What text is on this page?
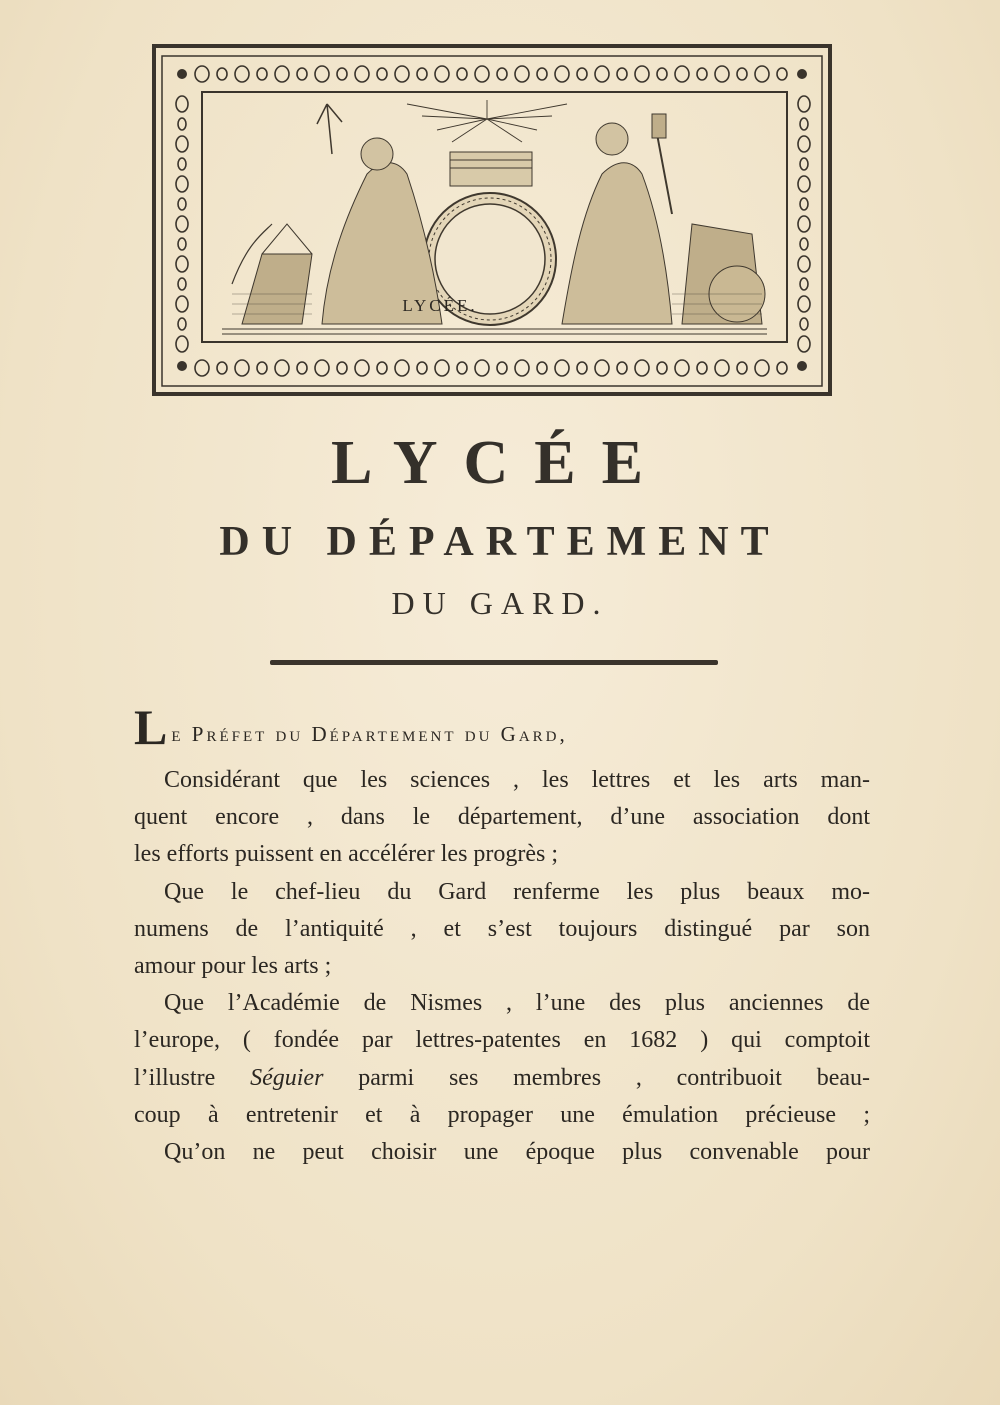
LYCÉE.
LYCÉE
DU DÉPARTEMENT
DU GARD.
L e Préfet du Département du Gard,
Considérant que les sciences , les lettres et les arts man-
quent encore , dans le département, d’une association dont
les efforts puissent en accélérer les progrès ;
Que le chef-lieu du Gard renferme les plus beaux mo-
numens de l’antiquité , et s’est toujours distingué par son
amour pour les arts ;
Que l’Académie de Nismes , l’une des plus anciennes de
l’europe, ( fondée par lettres-patentes en 1682 ) qui comptoit
l’illustre Séguier parmi ses membres , contribuoit beau-
coup à entretenir et à propager une émulation précieuse ;
Qu’on ne peut choisir une époque plus convenable pour
